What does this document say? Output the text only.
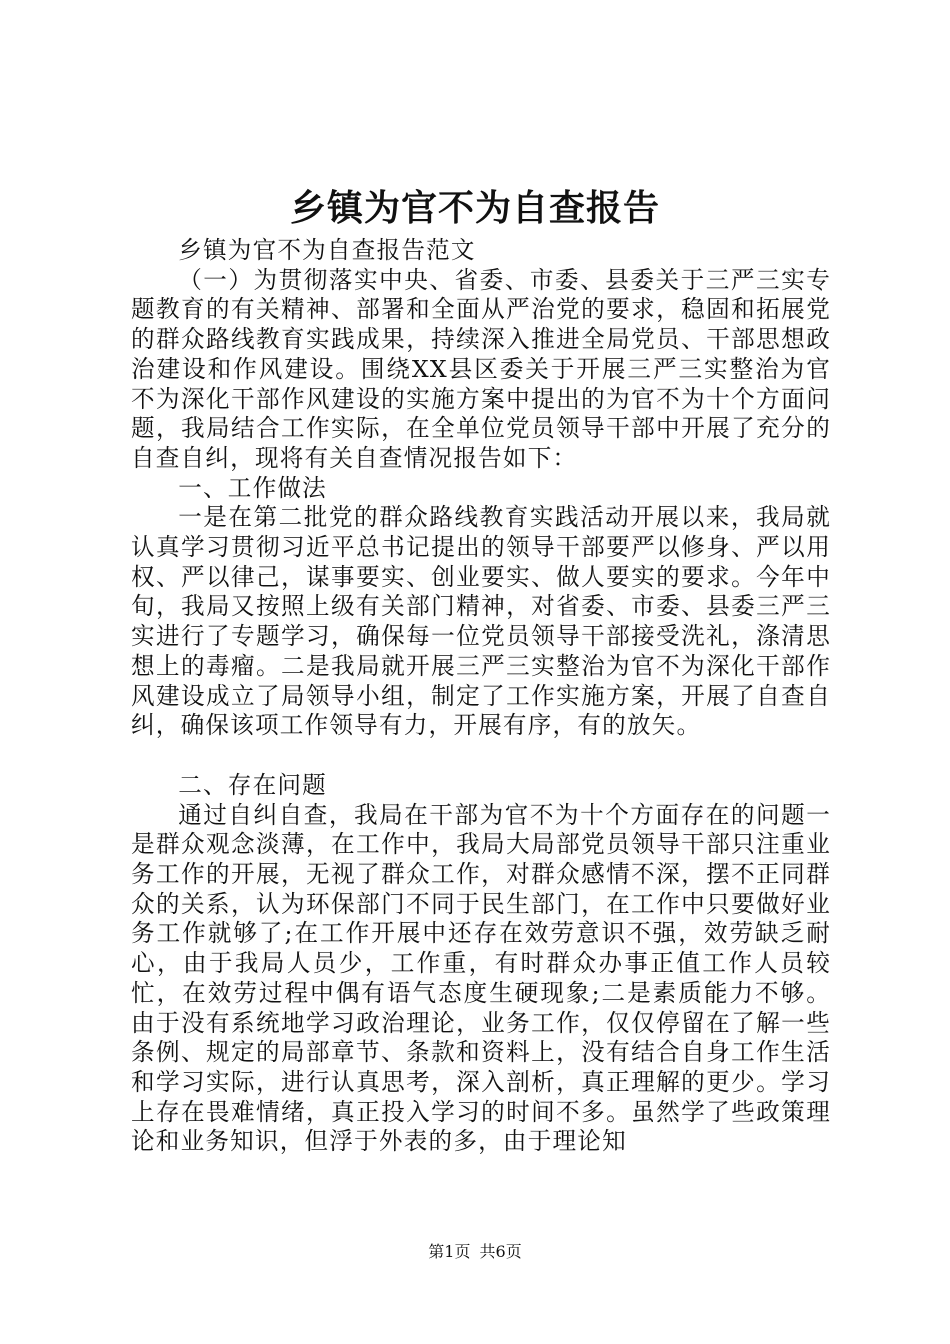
乡镇为官不为自查报告

乡镇为官不为自查报告范文

（一）为贯彻落实中央、省委、市委、县委关于三严三实专题教育的有关精神、部署和全面从严治党的要求，稳固和拓展党的群众路线教育实践成果，持续深入推进全局党员、干部思想政治建设和作风建设。围绕XX县区委关于开展三严三实整治为官不为深化干部作风建设的实施方案中提出的为官不为十个方面问题，我局结合工作实际，在全单位党员领导干部中开展了充分的自查自纠，现将有关自查情况报告如下：

一、工作做法

一是在第二批党的群众路线教育实践活动开展以来，我局就认真学习贯彻习近平总书记提出的领导干部要严以修身、严以用权、严以律己，谋事要实、创业要实、做人要实的要求。今年中旬，我局又按照上级有关部门精神，对省委、市委、县委三严三实进行了专题学习，确保每一位党员领导干部接受洗礼，涤清思想上的毒瘤。二是我局就开展三严三实整治为官不为深化干部作风建设成立了局领导小组，制定了工作实施方案，开展了自查自纠，确保该项工作领导有力，开展有序，有的放矢。

二、存在问题

通过自纠自查，我局在干部为官不为十个方面存在的问题一是群众观念淡薄，在工作中，我局大局部党员领导干部只注重业务工作的开展，无视了群众工作，对群众感情不深，摆不正同群众的关系，认为环保部门不同于民生部门，在工作中只要做好业务工作就够了;在工作开展中还存在效劳意识不强，效劳缺乏耐心，由于我局人员少，工作重，有时群众办事正值工作人员较忙，在效劳过程中偶有语气态度生硬现象;二是素质能力不够。由于没有系统地学习政治理论，业务工作，仅仅停留在了解一些条例、规定的局部章节、条款和资料上，没有结合自身工作生活和学习实际，进行认真思考，深入剖析，真正理解的更少。学习上存在畏难情绪，真正投入学习的时间不多。虽然学了些政策理论和业务知识，但浮于外表的多，由于理论知

第1页 共6页
